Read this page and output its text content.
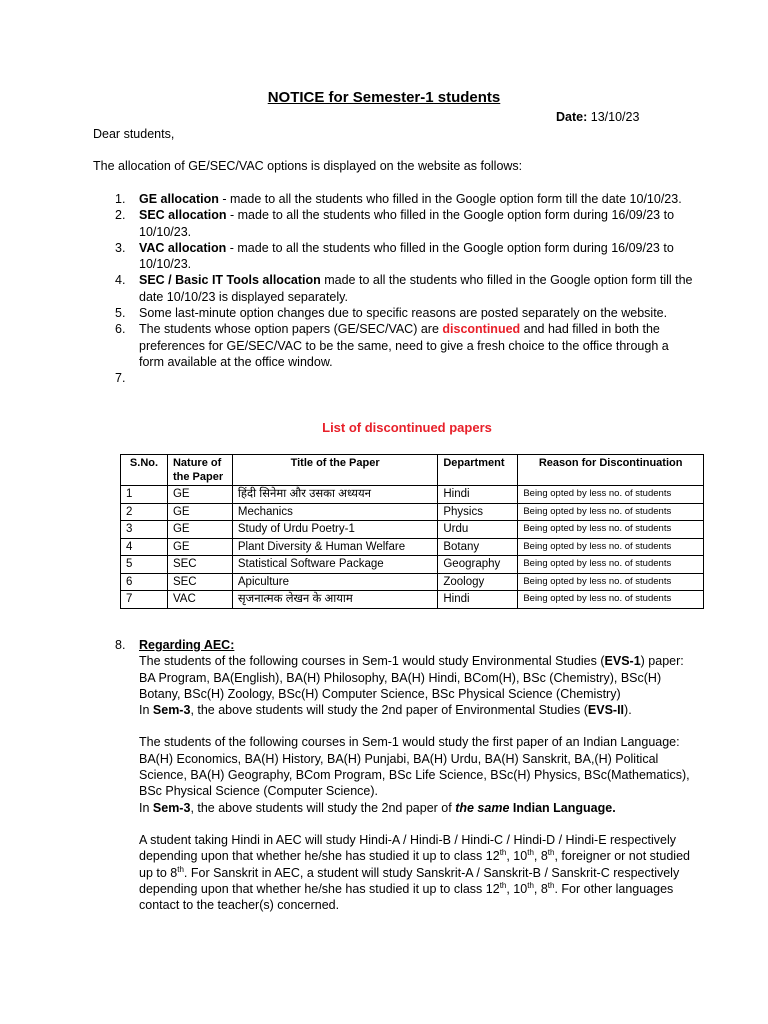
NOTICE for Semester-1 students
Date: 13/10/23
Dear students,
The allocation of GE/SEC/VAC options is displayed on the website as follows:
1. GE allocation - made to all the students who filled in the Google option form till the date 10/10/23.
2. SEC allocation - made to all the students who filled in the Google option form during 16/09/23 to 10/10/23.
3. VAC allocation - made to all the students who filled in the Google option form during 16/09/23 to 10/10/23.
4. SEC / Basic IT Tools allocation made to all the students who filled in the Google option form till the date 10/10/23 is displayed separately.
5. Some last-minute option changes due to specific reasons are posted separately on the website.
6. The students whose option papers (GE/SEC/VAC) are discontinued and had filled in both the preferences for GE/SEC/VAC to be the same, need to give a fresh choice to the office through a form available at the office window.
7.

List of discontinued papers
S.No.	Nature of the Paper	Title of the Paper	Department	Reason for Discontinuation
1	GE	हिंदी सिनेमा और उसका अध्ययन	Hindi	Being opted by less no. of students
2	GE	Mechanics	Physics	Being opted by less no. of students
3	GE	Study of Urdu Poetry-1	Urdu	Being opted by less no. of students
4	GE	Plant Diversity & Human Welfare	Botany	Being opted by less no. of students
5	SEC	Statistical Software Package	Geography	Being opted by less no. of students
6	SEC	Apiculture	Zoology	Being opted by less no. of students
7	VAC	सृजनात्मक लेखन के आयाम	Hindi	Being opted by less no. of students
8. Regarding AEC:
The students of the following courses in Sem-1 would study Environmental Studies (EVS-1) paper: BA Program, BA(English), BA(H) Philosophy, BA(H) Hindi, BCom(H), BSc (Chemistry), BSc(H) Botany, BSc(H) Zoology, BSc(H) Computer Science, BSc Physical Science (Chemistry)
In Sem-3, the above students will study the 2nd paper of Environmental Studies (EVS-II).
The students of the following courses in Sem-1 would study the first paper of an Indian Language: BA(H) Economics, BA(H) History, BA(H) Punjabi, BA(H) Urdu, BA(H) Sanskrit, BA,(H) Political Science, BA(H) Geography, BCom Program, BSc Life Science, BSc(H) Physics, BSc(Mathematics), BSc Physical Science (Computer Science).
In Sem-3, the above students will study the 2nd paper of the same Indian Language.
A student taking Hindi in AEC will study Hindi-A / Hindi-B / Hindi-C / Hindi-D / Hindi-E respectively depending upon that whether he/she has studied it up to class 12th, 10th, 8th, foreigner or not studied up to 8th. For Sanskrit in AEC, a student will study Sanskrit-A / Sanskrit-B / Sanskrit-C respectively depending upon that whether he/she has studied it up to class 12th, 10th, 8th. For other languages contact to the teacher(s) concerned.
